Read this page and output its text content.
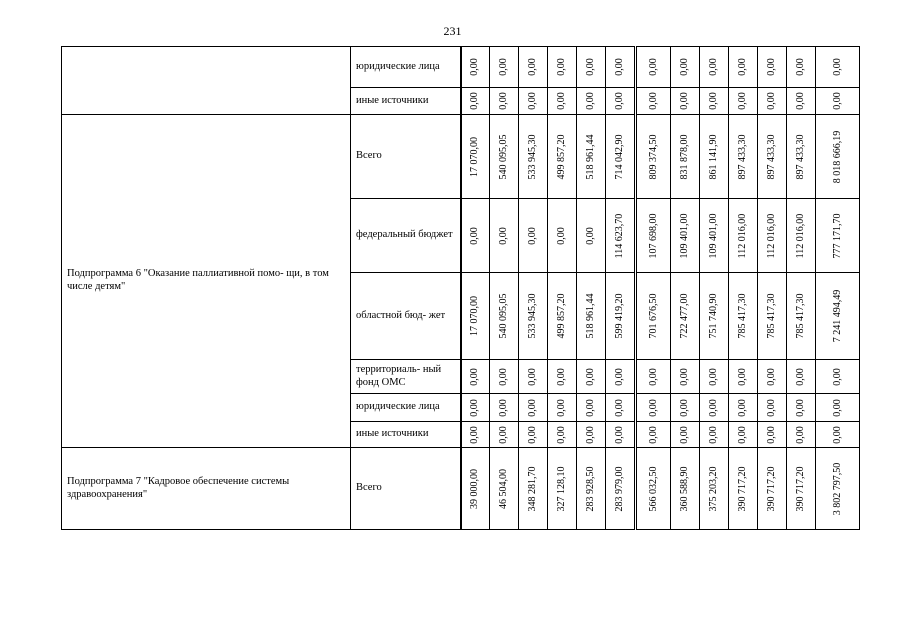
231
	юридические лица	0,00	0,00	0,00	0,00	0,00	0,00	0,00	0,00	0,00	0,00	0,00	0,00	0,00

	иные источники	0,00	0,00	0,00	0,00	0,00	0,00	0,00	0,00	0,00	0,00	0,00	0,00	0,00

Подпрограмма 6 "Оказание паллиативной помо- щи, в том числе детям"	Всего	17 070,00	540 095,05	533 945,30	499 857,20	518 961,44	714 042,90	809 374,50	831 878,00	861 141,90	897 433,30	897 433,30	897 433,30	8 018 666,19

	федеральный бюджет	0,00	0,00	0,00	0,00	0,00	114 623,70	107 698,00	109 401,00	109 401,00	112 016,00	112 016,00	112 016,00	777 171,70

	областной бюд- жет	17 070,00	540 095,05	533 945,30	499 857,20	518 961,44	599 419,20	701 676,50	722 477,00	751 740,90	785 417,30	785 417,30	785 417,30	7 241 494,49

	территориаль- ный фонд ОМС	0,00	0,00	0,00	0,00	0,00	0,00	0,00	0,00	0,00	0,00	0,00	0,00	0,00

	юридические лица	0,00	0,00	0,00	0,00	0,00	0,00	0,00	0,00	0,00	0,00	0,00	0,00	0,00

	иные источники	0,00	0,00	0,00	0,00	0,00	0,00	0,00	0,00	0,00	0,00	0,00	0,00	0,00

Подпрограмма 7 "Кадровое обеспечение системы здравоохранения"	Всего	39 000,00	46 504,00	348 281,70	327 128,10	283 928,50	283 979,00	566 032,50	360 588,90	375 203,20	390 717,20	390 717,20	390 717,20	3 802 797,50
